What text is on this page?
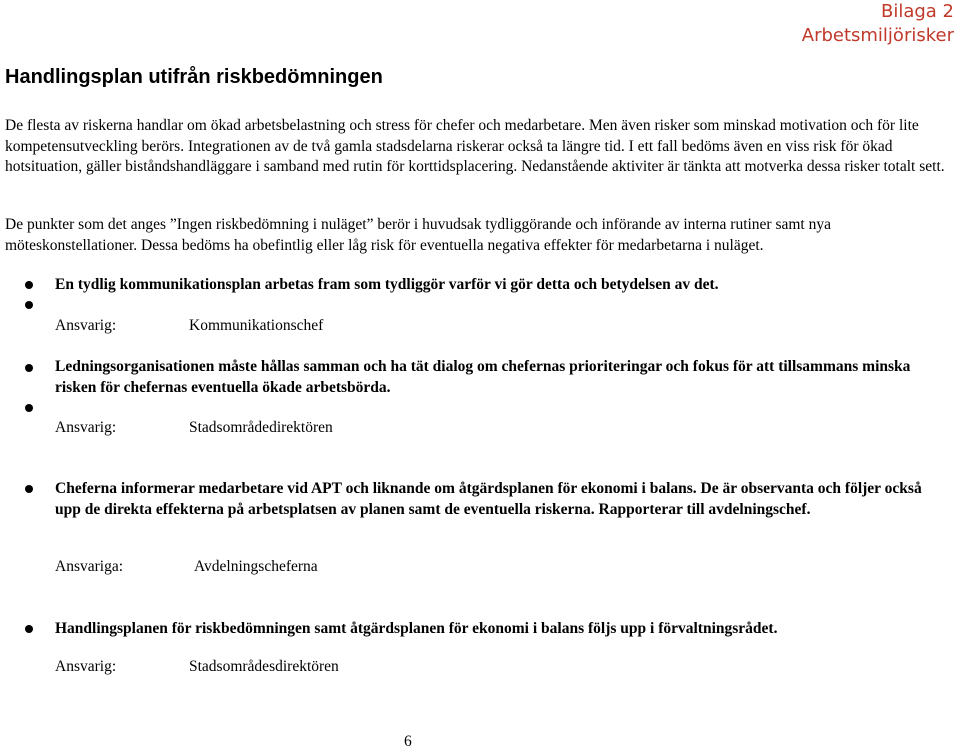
Bilaga 2
Arbetsmiljörisker
Handlingsplan utifrån riskbedömningen
De flesta av riskerna handlar om ökad arbetsbelastning och stress för chefer och medarbetare. Men även risker som minskad motivation och för lite kompetensutveckling berörs. Integrationen av de två gamla stadsdelarna riskerar också ta längre tid. I ett fall bedöms även en viss risk för ökad hotsituation, gäller biståndshandläggare i samband med rutin för korttidsplacering. Nedanstående aktiviter är tänkta att motverka dessa risker totalt sett.
De punkter som det anges ”Ingen riskbedömning i nuläget” berör i huvudsak tydliggörande och införande av interna rutiner samt nya möteskonstellationer. Dessa bedöms ha obefintlig eller låg risk för eventuella negativa effekter för medarbetarna i nuläget.
En tydlig kommunikationsplan arbetas fram som tydliggör varför vi gör detta och betydelsen av det.
Ansvarig:	Kommunikationschef
Ledningsorganisationen måste hållas samman och ha tät dialog om chefernas prioriteringar och fokus för att tillsammans minska risken för chefernas eventuella ökade arbetsbörda.
Ansvarig:	Stadsområdedirektören
Cheferna informerar medarbetare vid APT och liknande om åtgärdsplanen för ekonomi i balans. De är observanta och följer också upp de direkta effekterna på arbetsplatsen av planen samt de eventuella riskerna. Rapporterar till avdelningschef.
Ansvariga:	Avdelningscheferna
Handlingsplanen för riskbedömningen samt åtgärdsplanen för ekonomi i balans följs upp i förvaltningsrådet.
Ansvarig:	Stadsområdesdirektören
6
